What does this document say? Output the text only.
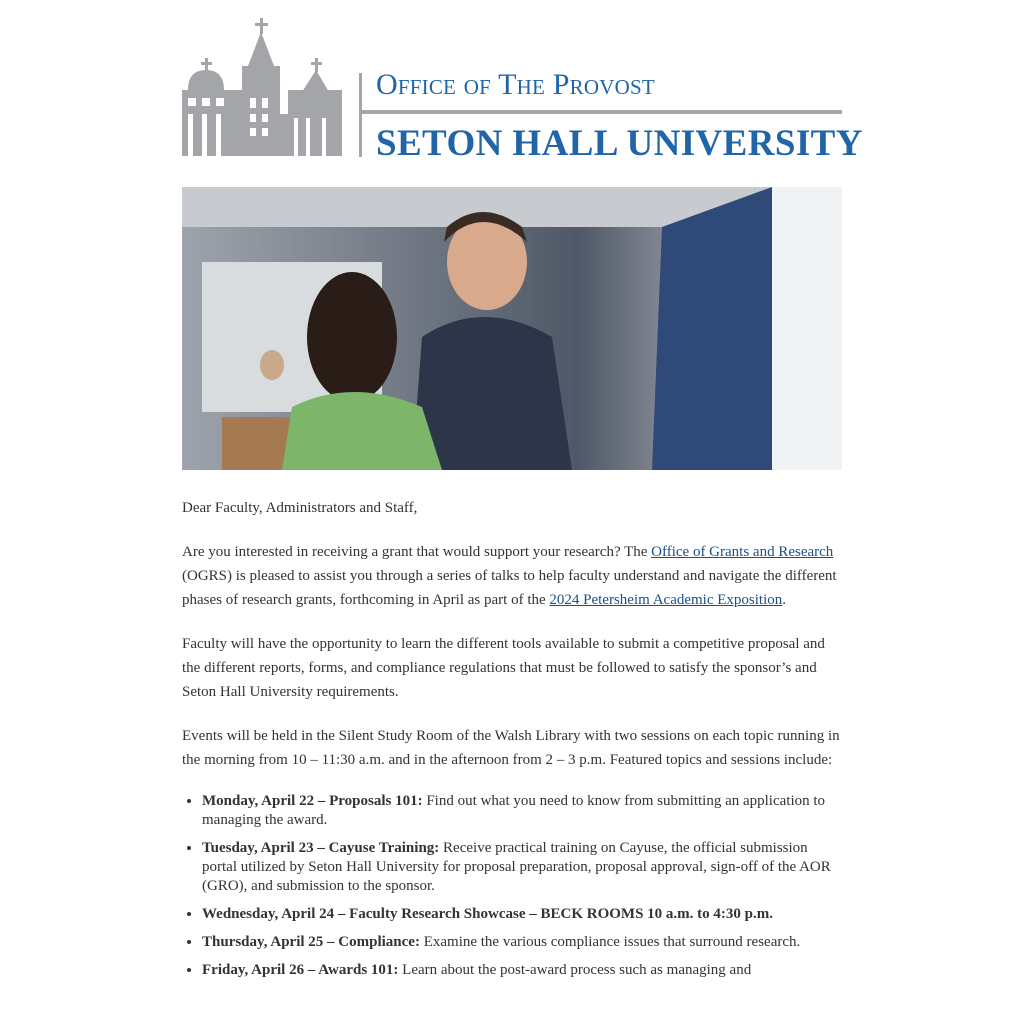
Office of The Provost
SETON HALL UNIVERSITY

Dear Faculty, Administrators and Staff,

Are you interested in receiving a grant that would support your research? The Office of Grants and Research (OGRS) is pleased to assist you through a series of talks to help faculty understand and navigate the different phases of research grants, forthcoming in April as part of the 2024 Petersheim Academic Exposition.

Faculty will have the opportunity to learn the different tools available to submit a competitive proposal and the different reports, forms, and compliance regulations that must be followed to satisfy the sponsor’s and Seton Hall University requirements.

Events will be held in the Silent Study Room of the Walsh Library with two sessions on each topic running in the morning from 10 – 11:30 a.m. and in the afternoon from 2 – 3 p.m. Featured topics and sessions include:

• Monday, April 22 – Proposals 101: Find out what you need to know from submitting an application to managing the award.
• Tuesday, April 23 – Cayuse Training: Receive practical training on Cayuse, the official submission portal utilized by Seton Hall University for proposal preparation, proposal approval, sign-off of the AOR (GRO), and submission to the sponsor.
• Wednesday, April 24 – Faculty Research Showcase – BECK ROOMS 10 a.m. to 4:30 p.m.
• Thursday, April 25 – Compliance: Examine the various compliance issues that surround research.
• Friday, April 26 – Awards 101: Learn about the post-award process such as managing and
